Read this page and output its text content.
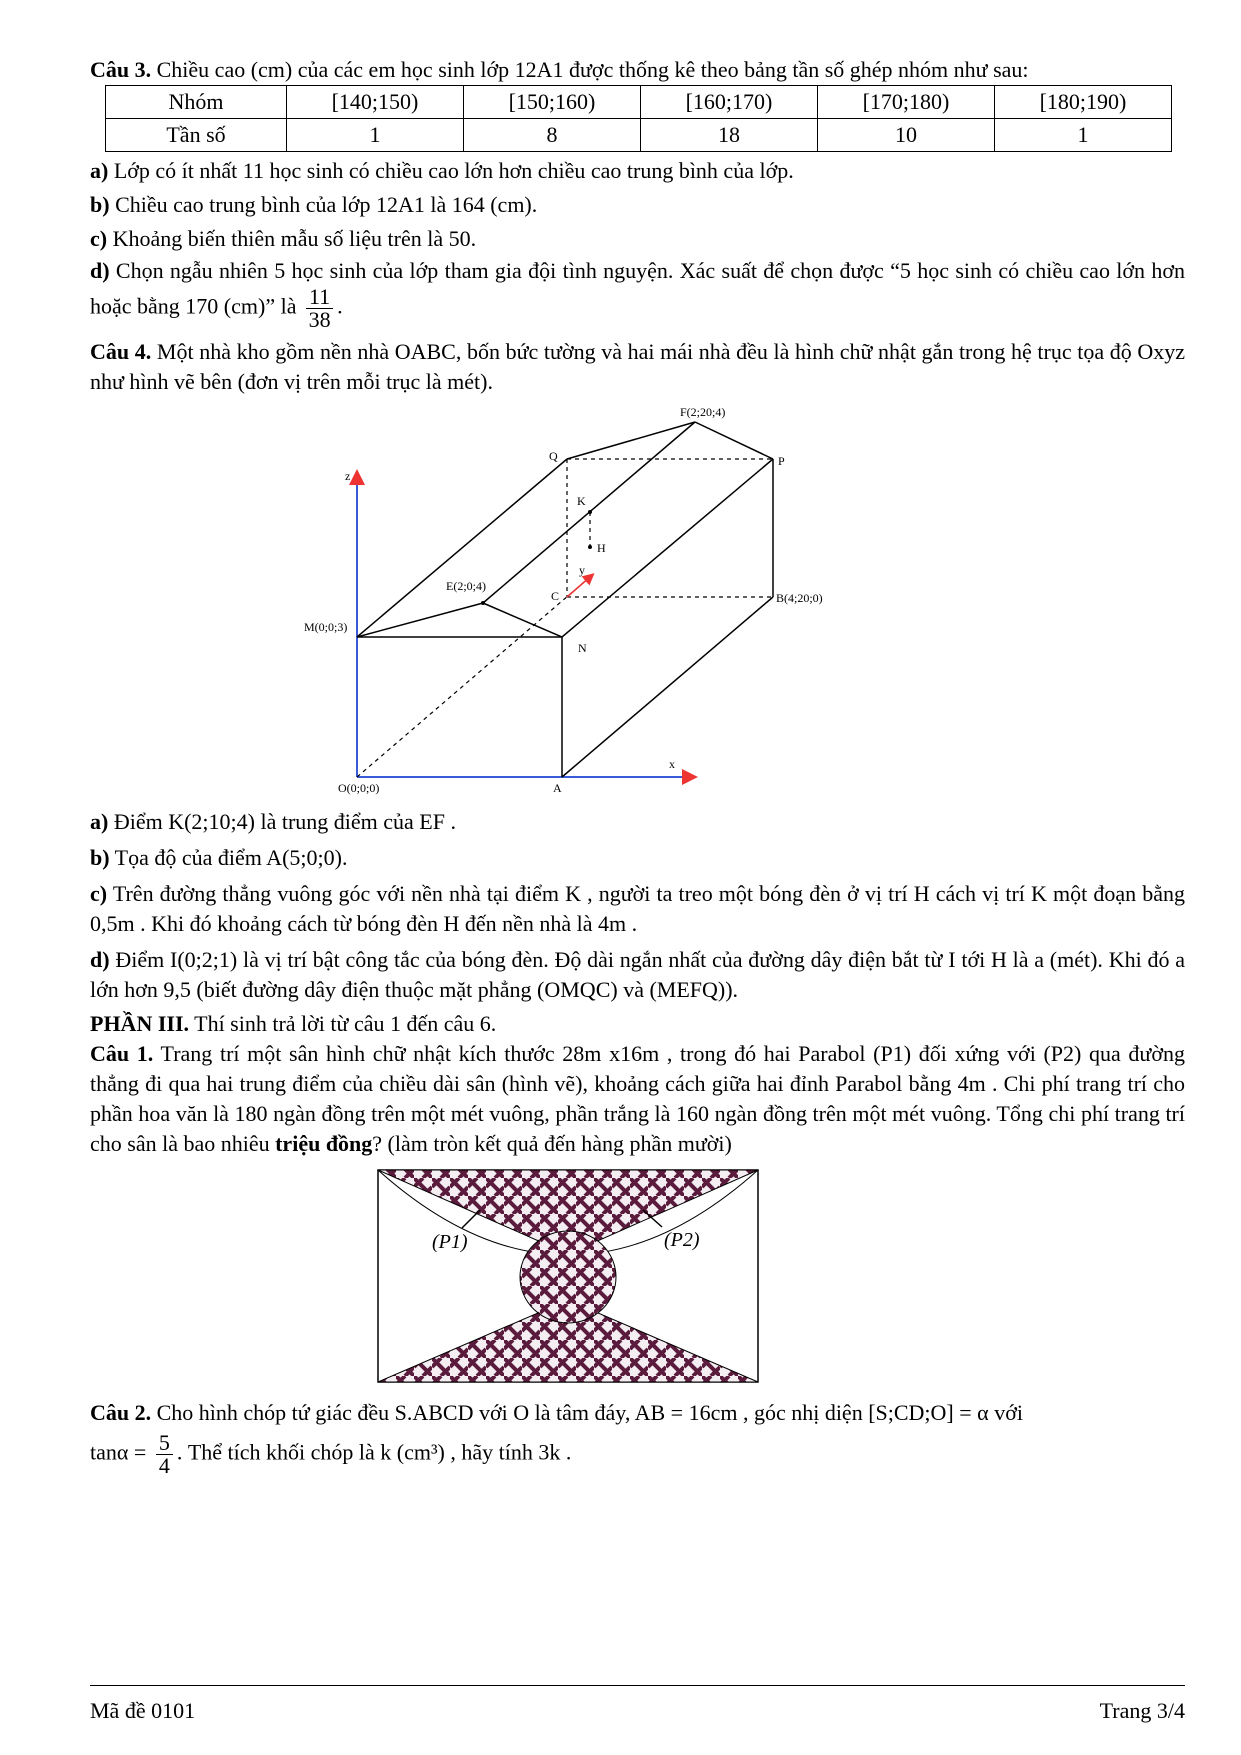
Câu 3. Chiều cao (cm) của các em học sinh lớp 12A1 được thống kê theo bảng tần số ghép nhóm như sau:

Nhóm	[140;150)	[150;160)	[160;170)	[170;180)	[180;190)
Tần số	1	8	18	10	1

a) Lớp có ít nhất 11 học sinh có chiều cao lớn hơn chiều cao trung bình của lớp.

b) Chiều cao trung bình của lớp 12A1 là 164 (cm).

c) Khoảng biến thiên mẫu số liệu trên là 50.

d) Chọn ngẫu nhiên 5 học sinh của lớp tham gia đội tình nguyện. Xác suất để chọn được “5 học sinh có chiều cao lớn hơn hoặc bằng 170 (cm)” là $\frac{11}{38}$ .

Câu 4. Một nhà kho gồm nền nhà OABC, bốn bức tường và hai mái nhà đều là hình chữ nhật gắn trong hệ trục tọa độ Oxyz như hình vẽ bên (đơn vị trên mỗi trục là mét).

F(2;20;4)
Q	P
z
K
H
y
E(2;0;4)
C	B(4;20;0)
M(0;0;3)
N
x
O(0;0;0)	A

a) Điểm K(2;10;4) là trung điểm của EF .

b) Tọa độ của điểm A(5;0;0).

c) Trên đường thẳng vuông góc với nền nhà tại điểm K , người ta treo một bóng đèn ở vị trí H cách vị trí K một đoạn bằng 0,5m . Khi đó khoảng cách từ bóng đèn H đến nền nhà là 4m .

d) Điểm I(0;2;1) là vị trí bật công tắc của bóng đèn. Độ dài ngắn nhất của đường dây điện bắt từ I tới H là a (mét). Khi đó a lớn hơn 9,5 (biết đường dây điện thuộc mặt phẳng (OMQC) và (MEFQ)).

PHẦN III. Thí sinh trả lời từ câu 1 đến câu 6.

Câu 1. Trang trí một sân hình chữ nhật kích thước 28m x16m , trong đó hai Parabol (P1) đối xứng với (P2) qua đường thẳng đi qua hai trung điểm của chiều dài sân (hình vẽ), khoảng cách giữa hai đỉnh Parabol bằng 4m . Chi phí trang trí cho phần hoa văn là 180 ngàn đồng trên một mét vuông, phần trắng là 160 ngàn đồng trên một mét vuông. Tổng chi phí trang trí cho sân là bao nhiêu triệu đồng? (làm tròn kết quả đến hàng phần mười)

(P1)	(P2)

Câu 2. Cho hình chóp tứ giác đều S.ABCD với O là tâm đáy, AB = 16cm , góc nhị diện [S;CD;O] = α với

$\tan\alpha = \frac{5}{4}$ . Thể tích khối chóp là k (cm³) , hãy tính 3k .

Mã đề 0101	Trang 3/4
